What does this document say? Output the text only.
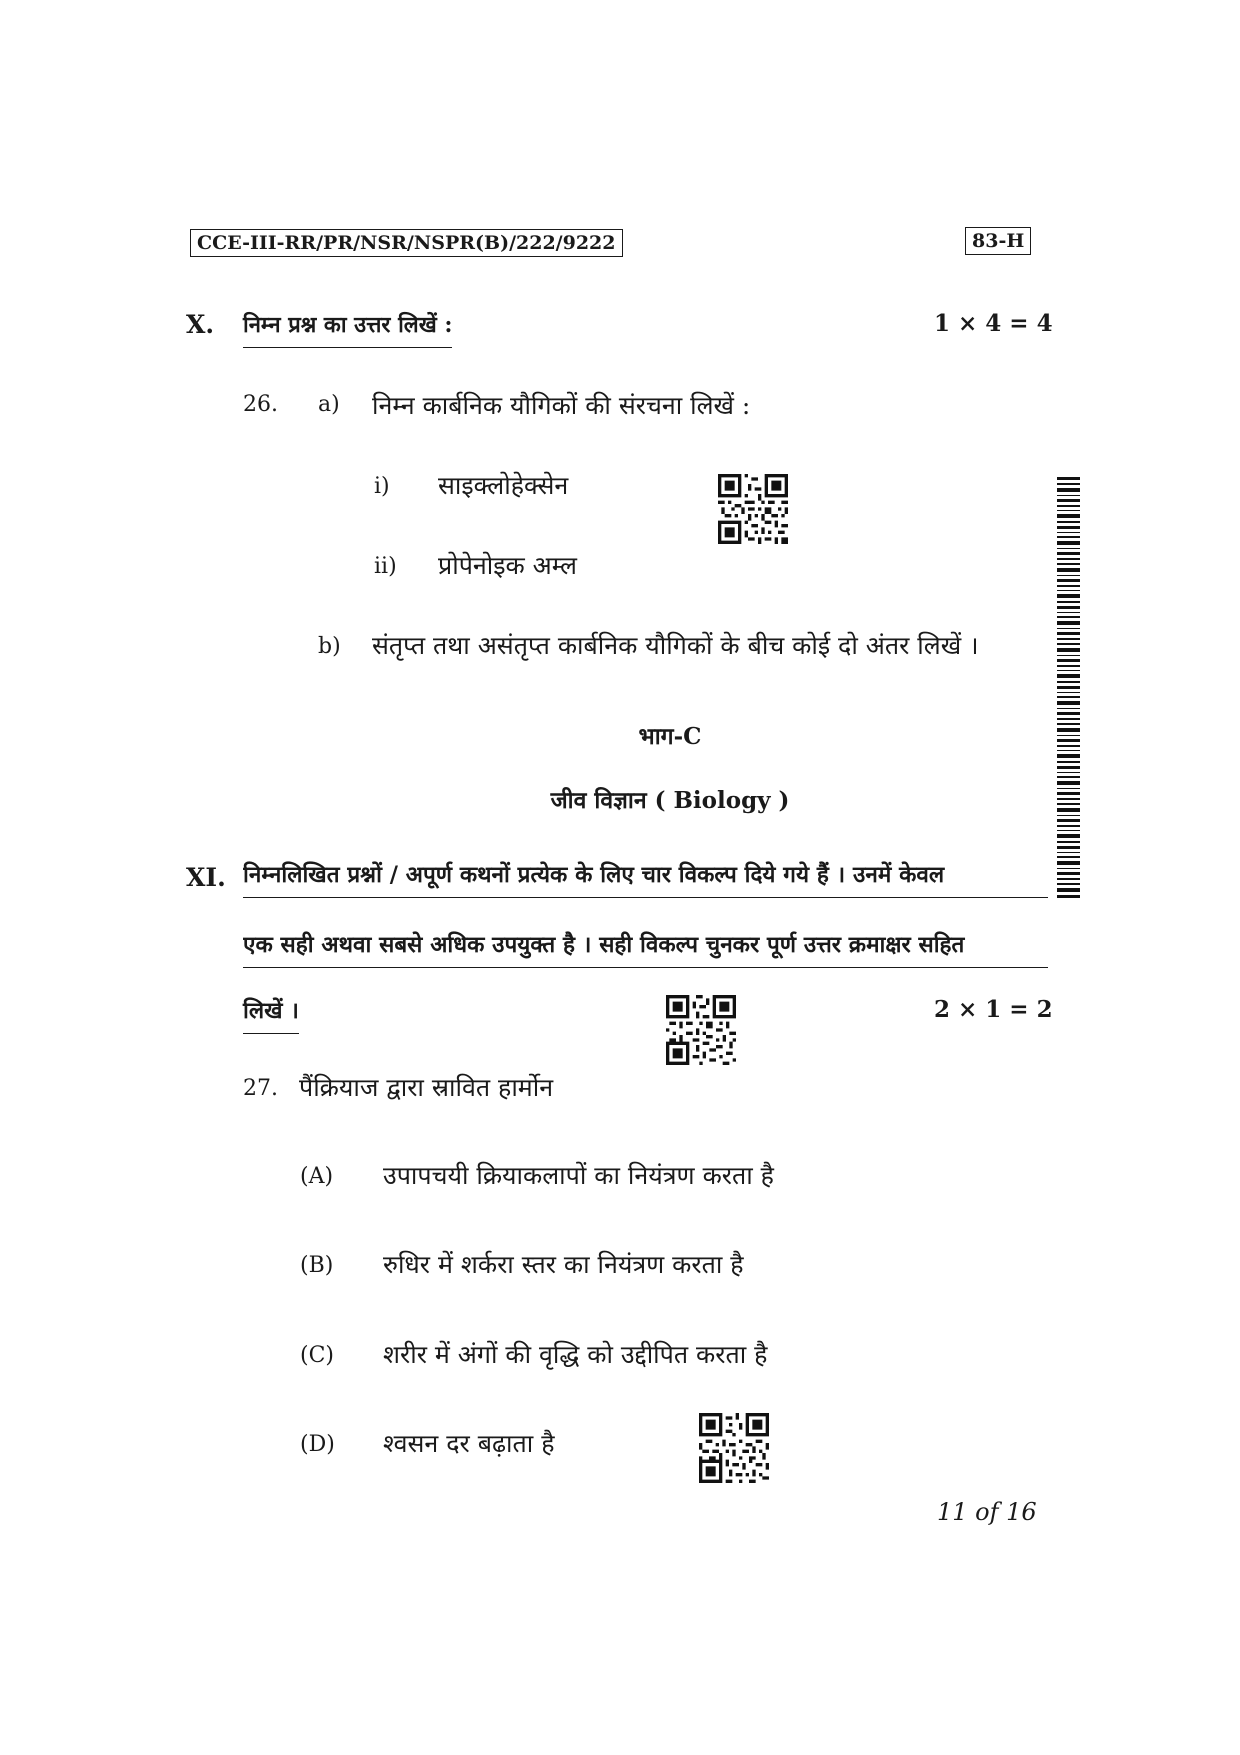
CCE-III-RR/PR/NSR/NSPR(B)/222/9222	83-H
X. निम्न प्रश्न का उत्तर लिखें :	1 × 4 = 4
26. a) निम्न कार्बनिक यौगिकों की संरचना लिखें :
i) साइक्लोहेक्सेन
ii) प्रोपेनोइक अम्ल
b) संतृप्त तथा असंतृप्त कार्बनिक यौगिकों के बीच कोई दो अंतर लिखें ।
भाग-C
जीव विज्ञान ( Biology )
XI. निम्नलिखित प्रश्नों / अपूर्ण कथनों प्रत्येक के लिए चार विकल्प दिये गये हैं । उनमें केवल
एक सही अथवा सबसे अधिक उपयुक्त है । सही विकल्प चुनकर पूर्ण उत्तर क्रमाक्षर सहित
लिखें ।	2 × 1 = 2
27. पैंक्रियाज द्वारा स्रावित हार्मोन
(A) उपापचयी क्रियाकलापों का नियंत्रण करता है
(B) रुधिर में शर्करा स्तर का नियंत्रण करता है
(C) शरीर में अंगों की वृद्धि को उद्दीपित करता है
(D) श्वसन दर बढ़ाता है
11 of 16
